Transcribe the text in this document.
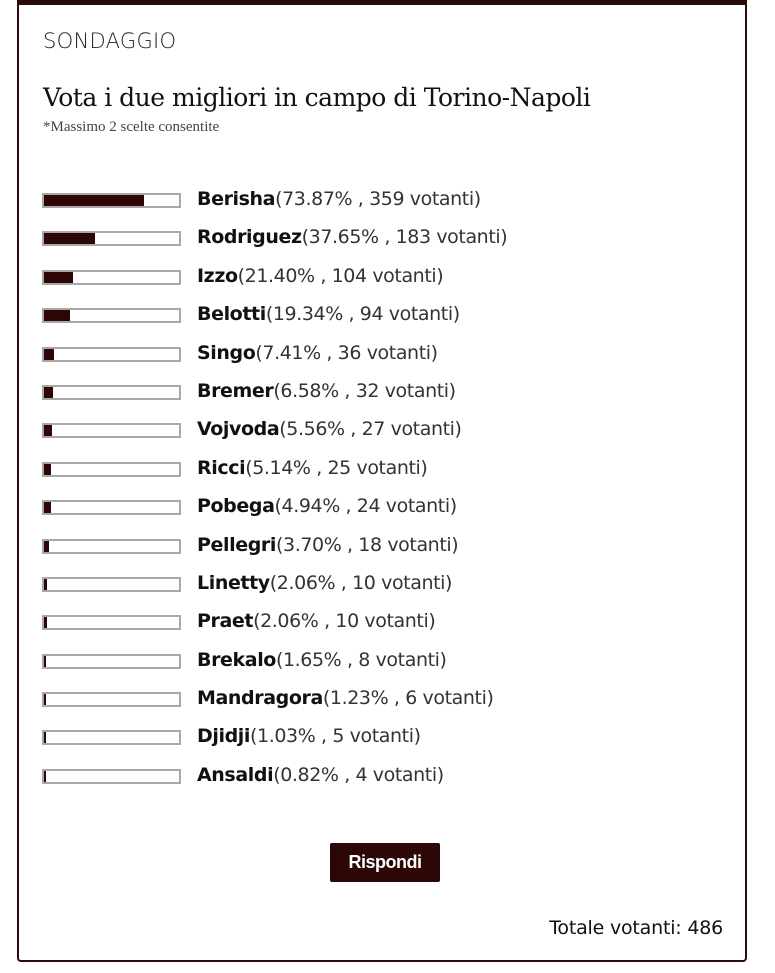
SONDAGGIO
Vota i due migliori in campo di Torino-Napoli
*Massimo 2 scelte consentite
Berisha(73.87% , 359 votanti)
Rodriguez(37.65% , 183 votanti)
Izzo(21.40% , 104 votanti)
Belotti(19.34% , 94 votanti)
Singo(7.41% , 36 votanti)
Bremer(6.58% , 32 votanti)
Vojvoda(5.56% , 27 votanti)
Ricci(5.14% , 25 votanti)
Pobega(4.94% , 24 votanti)
Pellegri(3.70% , 18 votanti)
Linetty(2.06% , 10 votanti)
Praet(2.06% , 10 votanti)
Brekalo(1.65% , 8 votanti)
Mandragora(1.23% , 6 votanti)
Djidji(1.03% , 5 votanti)
Ansaldi(0.82% , 4 votanti)
Rispondi
Totale votanti: 486
